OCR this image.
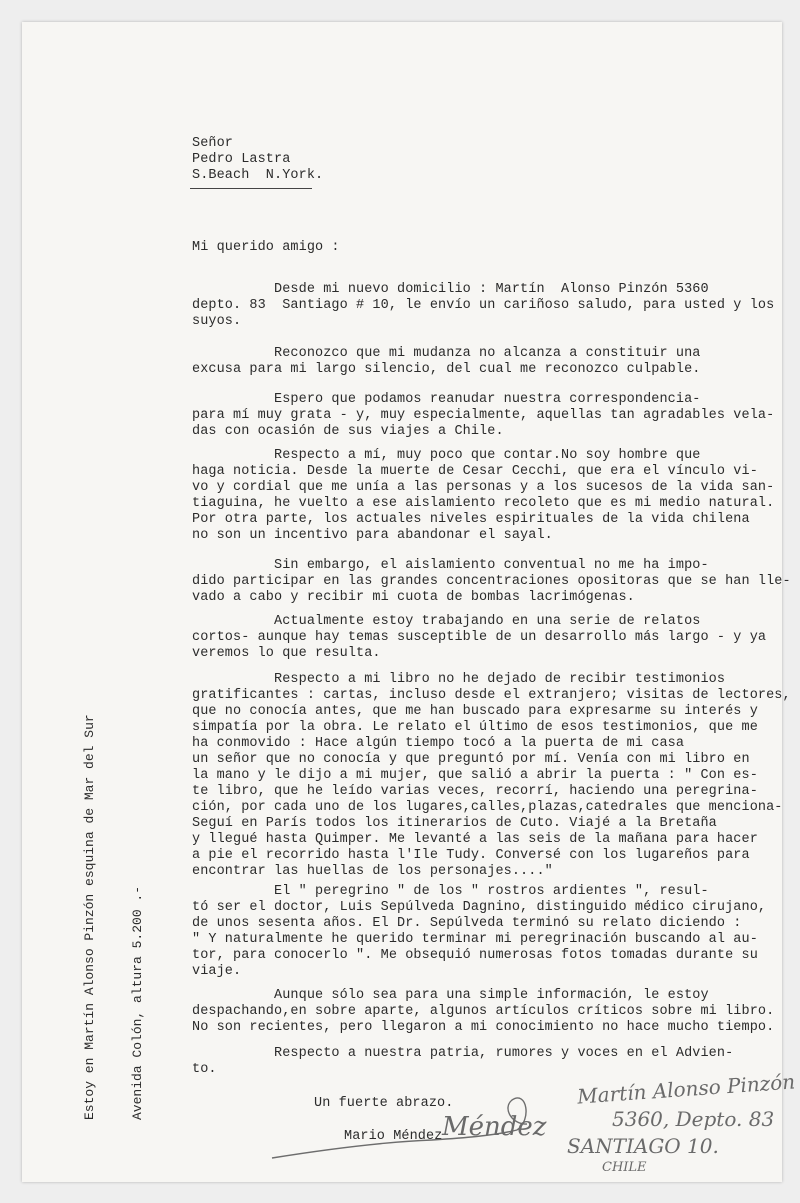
Señor
Pedro Lastra
S.Beach  N.York.
Mi querido amigo :
Desde mi nuevo domicilio : Martín  Alonso Pinzón 5360
depto. 83  Santiago # 10, le envío un cariñoso saludo, para usted y los
suyos.
Reconozco que mi mudanza no alcanza a constituir una
excusa para mi largo silencio, del cual me reconozco culpable.
Espero que podamos reanudar nuestra correspondencia-
para mí muy grata - y, muy especialmente, aquellas tan agradables vela-
das con ocasión de sus viajes a Chile.
Respecto a mí, muy poco que contar.No soy hombre que
haga noticia. Desde la muerte de Cesar Cecchi, que era el vínculo vi-
vo y cordial que me unía a las personas y a los sucesos de la vida san-
tiaguina, he vuelto a ese aislamiento recoleto que es mi medio natural.
Por otra parte, los actuales niveles espirituales de la vida chilena
no son un incentivo para abandonar el sayal.
Sin embargo, el aislamiento conventual no me ha impo-
dido participar en las grandes concentraciones opositoras que se han lle-
vado a cabo y recibir mi cuota de bombas lacrimógenas.
Actualmente estoy trabajando en una serie de relatos
cortos- aunque hay temas susceptible de un desarrollo más largo - y ya
veremos lo que resulta.
Respecto a mi libro no he dejado de recibir testimonios
gratificantes : cartas, incluso desde el extranjero; visitas de lectores,
que no conocía antes, que me han buscado para expresarme su interés y
simpatía por la obra. Le relato el último de esos testimonios, que me
ha conmovido : Hace algún tiempo tocó a la puerta de mi casa
un señor que no conocía y que preguntó por mí. Venía con mi libro en
la mano y le dijo a mi mujer, que salió a abrir la puerta : " Con es-
te libro, que he leído varias veces, recorrí, haciendo una peregrina-
ción, por cada uno de los lugares,calles,plazas,catedrales que menciona-
Seguí en París todos los itinerarios de Cuto. Viajé a la Bretaña
y llegué hasta Quimper. Me levanté a las seis de la mañana para hacer
a pie el recorrido hasta l'Ile Tudy. Conversé con los lugareños para
encontrar las huellas de los personajes...."
El " peregrino " de los " rostros ardientes ", resul-
tó ser el doctor, Luis Sepúlveda Dagnino, distinguido médico cirujano,
de unos sesenta años. El Dr. Sepúlveda terminó su relato diciendo :
" Y naturalmente he querido terminar mi peregrinación buscando al au-
tor, para conocerlo ". Me obsequió numerosas fotos tomadas durante su
viaje.
Aunque sólo sea para una simple información, le estoy
despachando,en sobre aparte, algunos artículos críticos sobre mi libro.
No son recientes, pero llegaron a mi conocimiento no hace mucho tiempo.
Respecto a nuestra patria, rumores y voces en el Advien-
to.
Un fuerte abrazo.
Mario Méndez Méndez
Martín Alonso Pinzón
5360, Depto. 83
SANTIAGO 10.
CHILE

Estoy en Martín Alonso Pinzón esquina de Mar del Sur

	Avenida Colón, altura 5.200 .-
